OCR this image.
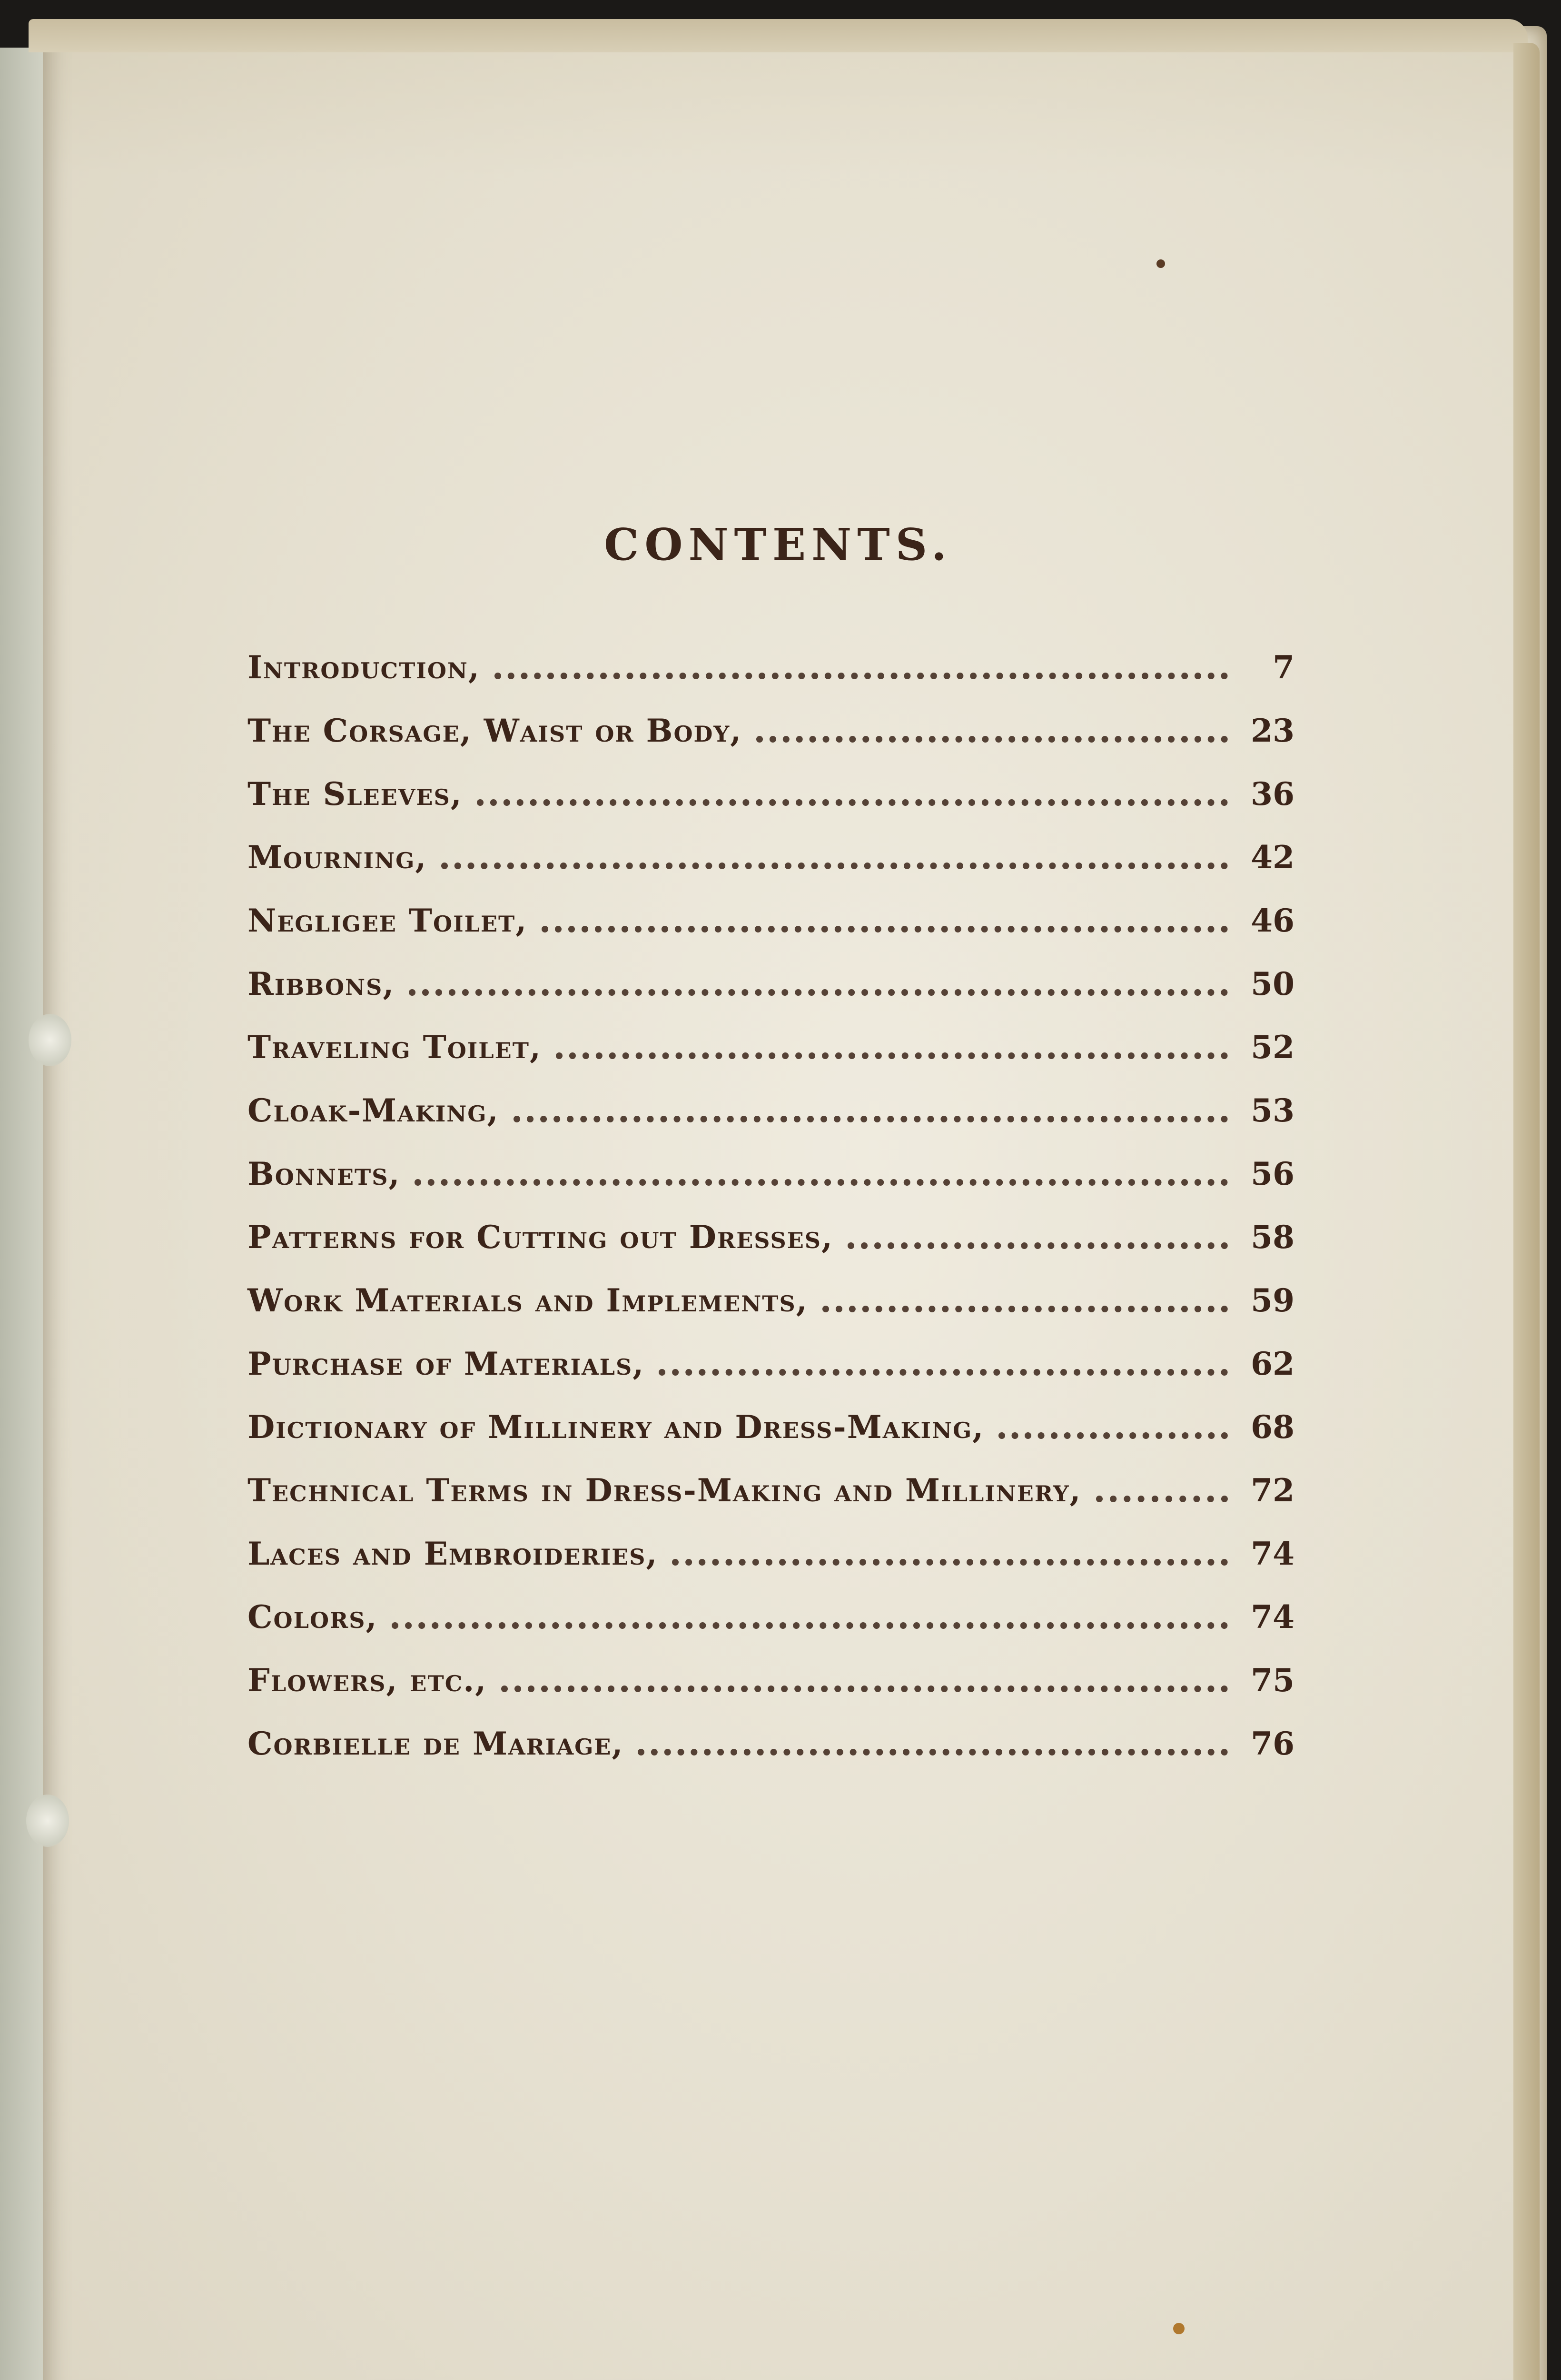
CONTENTS.
Introduction,	7
The Corsage, Waist or Body,	23
The Sleeves,	36
Mourning,	42
Negligee Toilet,	46
Ribbons,	50
Traveling Toilet,	52
Cloak-Making,	53
Bonnets,	56
Patterns for Cutting out Dresses,	58
Work Materials and Implements,	59
Purchase of Materials,	62
Dictionary of Millinery and Dress-Making,	68
Technical Terms in Dress-Making and Millinery,	72
Laces and Embroideries,	74
Colors,	74
Flowers, etc.,	75
Corbielle de Mariage,	76
